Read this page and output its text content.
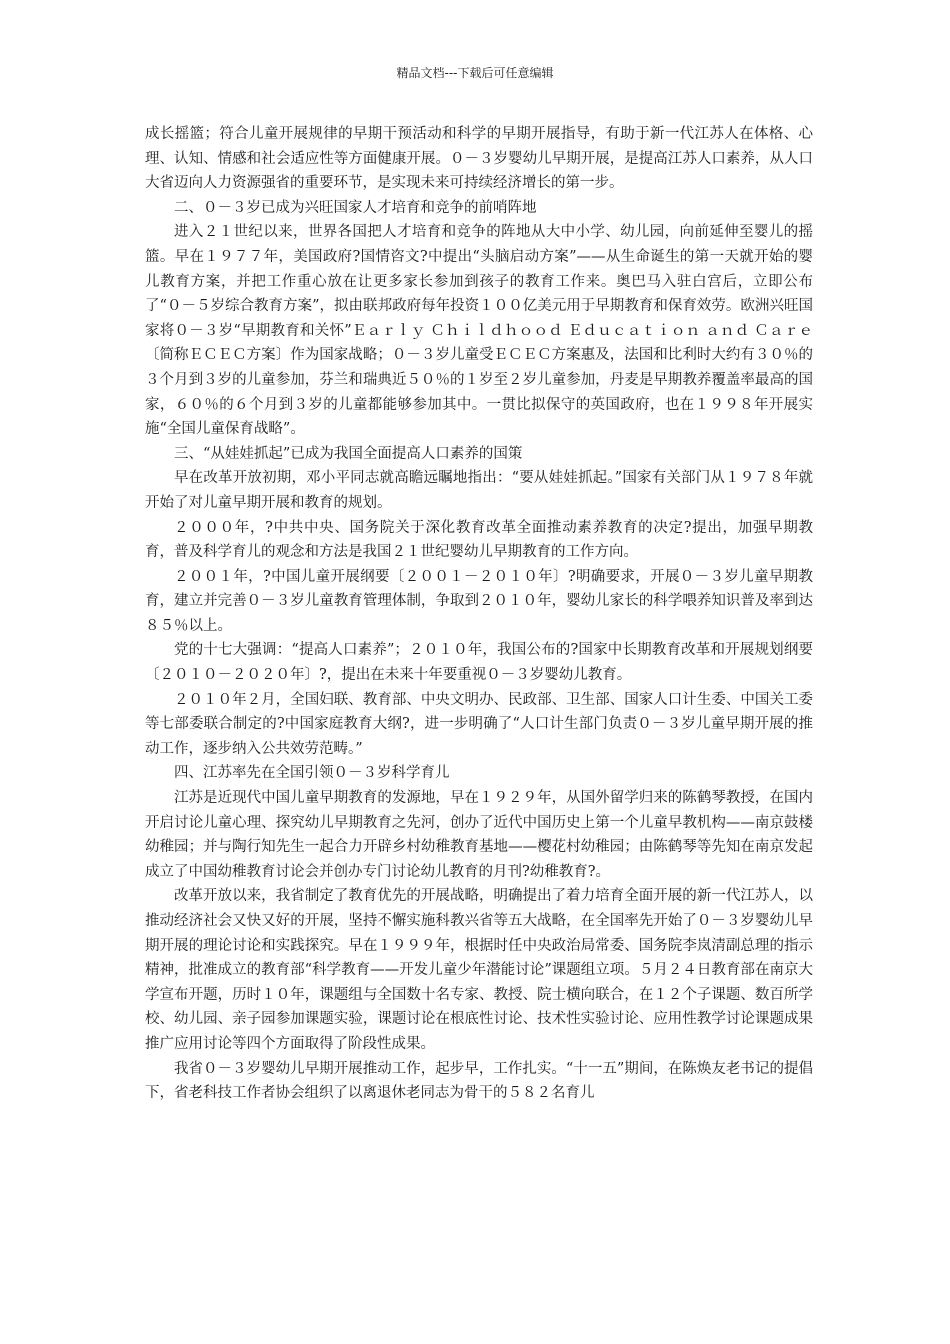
精品文档---下载后可任意编辑

成长摇篮；符合儿童开展规律的早期干预活动和科学的早期开展指导，有助于新一代江苏人在体格、心理、认知、情感和社会适应性等方面健康开展。０－３岁婴幼儿早期开展，是提高江苏人口素养，从人口大省迈向人力资源强省的重要环节，是实现未来可持续经济增长的第一步。

二、０－３岁已成为兴旺国家人才培育和竞争的前哨阵地

进入２１世纪以来，世界各国把人才培育和竞争的阵地从大中小学、幼儿园，向前延伸至婴儿的摇篮。早在１９７７年，美国政府?国情咨文?中提出“头脑启动方案”——从生命诞生的第一天就开始的婴儿教育方案，并把工作重心放在让更多家长参加到孩子的教育工作来。奥巴马入驻白宫后，立即公布了“０－５岁综合教育方案”，拟由联邦政府每年投资１００亿美元用于早期教育和保育效劳。欧洲兴旺国家将０－３岁“早期教育和关怀”Ｅａｒｌｙ Ｃｈｉｌｄｈｏｏｄ Ｅｄｕｃａｔｉｏｎ ａｎｄ Ｃａｒｅ〔简称ＥＣＥＣ方案〕作为国家战略；０－３岁儿童受ＥＣＥＣ方案惠及，法国和比利时大约有３０％的３个月到３岁的儿童参加，芬兰和瑞典近５０％的１岁至２岁儿童参加，丹麦是早期教养覆盖率最高的国家，６０％的６个月到３岁的儿童都能够参加其中。一贯比拟保守的英国政府，也在１９９８年开展实施“全国儿童保育战略”。

三、“从娃娃抓起”已成为我国全面提高人口素养的国策

早在改革开放初期，邓小平同志就高瞻远瞩地指出：“要从娃娃抓起。”国家有关部门从１９７８年就开始了对儿童早期开展和教育的规划。

２０００年，?中共中央、国务院关于深化教育改革全面推动素养教育的决定?提出，加强早期教育，普及科学育儿的观念和方法是我国２１世纪婴幼儿早期教育的工作方向。

２００１年，?中国儿童开展纲要〔２００１－２０１０年〕?明确要求，开展０－３岁儿童早期教育，建立并完善０－３岁儿童教育管理体制，争取到２０１０年，婴幼儿家长的科学喂养知识普及率到达８５％以上。

党的十七大强调：“提高人口素养”；２０１０年，我国公布的?国家中长期教育改革和开展规划纲要〔２０１０－２０２０年〕?，提出在未来十年要重视０－３岁婴幼儿教育。

２０１０年２月，全国妇联、教育部、中央文明办、民政部、卫生部、国家人口计生委、中国关工委等七部委联合制定的?中国家庭教育大纲?，进一步明确了“人口计生部门负责０－３岁儿童早期开展的推动工作，逐步纳入公共效劳范畴。”

四、江苏率先在全国引领０－３岁科学育儿

江苏是近现代中国儿童早期教育的发源地，早在１９２９年，从国外留学归来的陈鹤琴教授，在国内开启讨论儿童心理、探究幼儿早期教育之先河，创办了近代中国历史上第一个儿童早教机构——南京鼓楼幼稚园；并与陶行知先生一起合力开辟乡村幼稚教育基地——樱花村幼稚园；由陈鹤琴等先知在南京发起成立了中国幼稚教育讨论会并创办专门讨论幼儿教育的月刊?幼稚教育?。

改革开放以来，我省制定了教育优先的开展战略，明确提出了着力培育全面开展的新一代江苏人，以推动经济社会又快又好的开展，坚持不懈实施科教兴省等五大战略，在全国率先开始了０－３岁婴幼儿早期开展的理论讨论和实践探究。早在１９９９年，根据时任中央政治局常委、国务院李岚清副总理的指示精神，批准成立的教育部“科学教育——开发儿童少年潜能讨论”课题组立项。５月２４日教育部在南京大学宣布开题，历时１０年，课题组与全国数十名专家、教授、院士横向联合，在１２个子课题、数百所学校、幼儿园、亲子园参加课题实验，课题讨论在根底性讨论、技术性实验讨论、应用性教学讨论课题成果推广应用讨论等四个方面取得了阶段性成果。

我省０－３岁婴幼儿早期开展推动工作，起步早，工作扎实。“十一五”期间，在陈焕友老书记的提倡下，省老科技工作者协会组织了以离退休老同志为骨干的５８２名育儿
